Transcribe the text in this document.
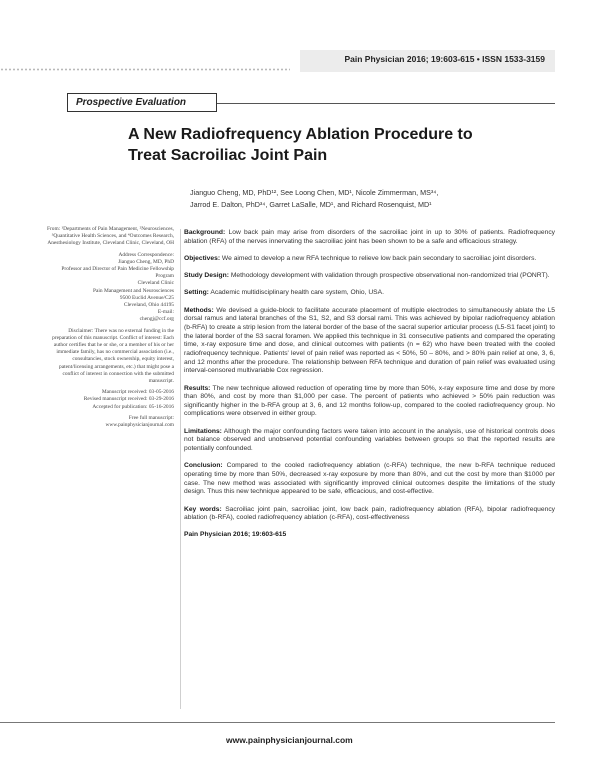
Pain Physician 2016; 19:603-615 • ISSN 1533-3159
Prospective Evaluation
A New Radiofrequency Ablation Procedure to
Treat Sacroiliac Joint Pain
Jianguo Cheng, MD, PhD¹², See Loong Chen, MD¹, Nicole Zimmerman, MS³⁴,
Jarrod E. Dalton, PhD³⁴, Garret LaSalle, MD¹, and Richard Rosenquist, MD¹

From: ¹Departments of Pain Management, ²Neurosciences, ³Quantitative Health Sciences, and ⁴Outcomes Research, Anesthesiology Institute, Cleveland Clinic, Cleveland, OH

Address Correspondence:
Jianguo Cheng, MD, PhD
Professor and Director of Pain Medicine Fellowship Program
Cleveland Clinic
Pain Management and Neurosciences
9500 Euclid Avenue/C25
Cleveland, Ohio 44195
E-mail:
chengj@ccf.org

Disclaimer: There was no external funding in the preparation of this manuscript. Conflict of interest: Each author certifies that he or she, or a member of his or her immediate family, has no commercial association (i.e., consultancies, stock ownership, equity interest, patent/licensing arrangements, etc.) that might pose a conflict of interest in connection with the submitted manuscript.

Manuscript received: 03-05-2016
Revised manuscript received: 03-29-2016
Accepted for publication: 05-16-2016

Free full manuscript:
www.painphysicianjournal.com

Background: Low back pain may arise from disorders of the sacroiliac joint in up to 30% of patients. Radiofrequency ablation (RFA) of the nerves innervating the sacroiliac joint has been shown to be a safe and efficacious strategy.

Objectives: We aimed to develop a new RFA technique to relieve low back pain secondary to sacroiliac joint disorders.

Study Design: Methodology development with validation through prospective observational non-randomized trial (PONRT).

Setting: Academic multidisciplinary health care system, Ohio, USA.

Methods: We devised a guide-block to facilitate accurate placement of multiple electrodes to simultaneously ablate the L5 dorsal ramus and lateral branches of the S1, S2, and S3 dorsal rami. This was achieved by bipolar radiofrequency ablation (b-RFA) to create a strip lesion from the lateral border of the base of the sacral superior articular process (L5-S1 facet joint) to the lateral border of the S3 sacral foramen. We applied this technique in 31 consecutive patients and compared the operating time, x-ray exposure time and dose, and clinical outcomes with patients (n = 62) who have been treated with the cooled radiofrequency technique. Patients' level of pain relief was reported as < 50%, 50 – 80%, and > 80% pain relief at one, 3, 6, and 12 months after the procedure. The relationship between RFA technique and duration of pain relief was evaluated using interval-censored multivariable Cox regression.

Results: The new technique allowed reduction of operating time by more than 50%, x-ray exposure time and dose by more than 80%, and cost by more than $1,000 per case. The percent of patients who achieved > 50% pain reduction was significantly higher in the b-RFA group at 3, 6, and 12 months follow-up, compared to the cooled radiofrequency group. No complications were observed in either group.

Limitations: Although the major confounding factors were taken into account in the analysis, use of historical controls does not balance observed and unobserved potential confounding variables between groups so that the reported results are potentially confounded.

Conclusion: Compared to the cooled radiofrequency ablation (c-RFA) technique, the new b-RFA technique reduced operating time by more than 50%, decreased x-ray exposure by more than 80%, and cut the cost by more than $1000 per case. The new method was associated with significantly improved clinical outcomes despite the limitations of the study design. Thus this new technique appeared to be safe, efficacious, and cost-effective.

Key words: Sacroiliac joint pain, sacroiliac joint, low back pain, radiofrequency ablation (RFA), bipolar radiofrequency ablation (b-RFA), cooled radiofrequency ablation (c-RFA), cost-effectiveness

Pain Physician 2016; 19:603-615

www.painphysicianjournal.com
